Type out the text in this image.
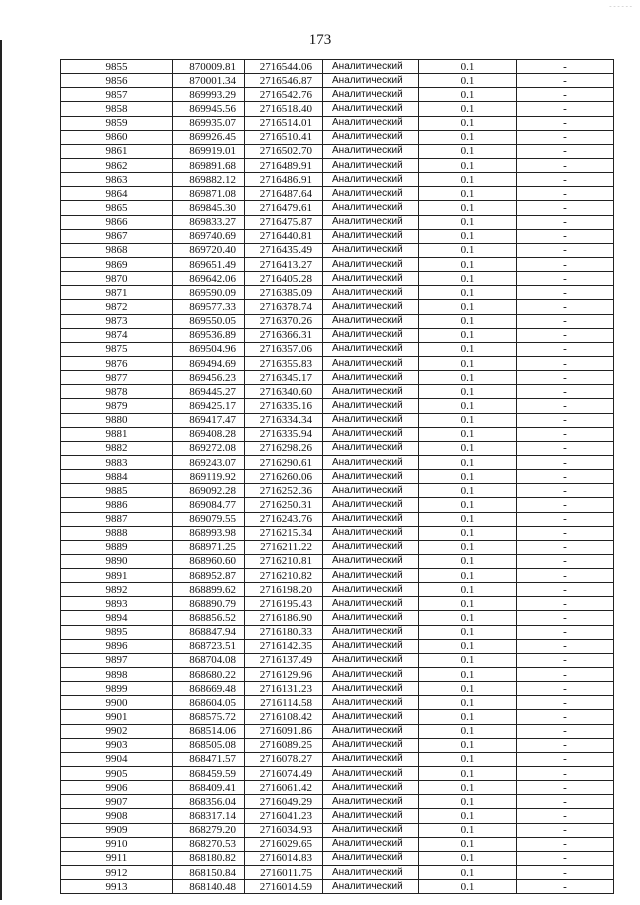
- - - - - -
173
9855	870009.81	2716544.06	Аналитический	0.1	-
9856	870001.34	2716546.87	Аналитический	0.1	-
9857	869993.29	2716542.76	Аналитический	0.1	-
9858	869945.56	2716518.40	Аналитический	0.1	-
9859	869935.07	2716514.01	Аналитический	0.1	-
9860	869926.45	2716510.41	Аналитический	0.1	-
9861	869919.01	2716502.70	Аналитический	0.1	-
9862	869891.68	2716489.91	Аналитический	0.1	-
9863	869882.12	2716486.91	Аналитический	0.1	-
9864	869871.08	2716487.64	Аналитический	0.1	-
9865	869845.30	2716479.61	Аналитический	0.1	-
9866	869833.27	2716475.87	Аналитический	0.1	-
9867	869740.69	2716440.81	Аналитический	0.1	-
9868	869720.40	2716435.49	Аналитический	0.1	-
9869	869651.49	2716413.27	Аналитический	0.1	-
9870	869642.06	2716405.28	Аналитический	0.1	-
9871	869590.09	2716385.09	Аналитический	0.1	-
9872	869577.33	2716378.74	Аналитический	0.1	-
9873	869550.05	2716370.26	Аналитический	0.1	-
9874	869536.89	2716366.31	Аналитический	0.1	-
9875	869504.96	2716357.06	Аналитический	0.1	-
9876	869494.69	2716355.83	Аналитический	0.1	-
9877	869456.23	2716345.17	Аналитический	0.1	-
9878	869445.27	2716340.60	Аналитический	0.1	-
9879	869425.17	2716335.16	Аналитический	0.1	-
9880	869417.47	2716334.34	Аналитический	0.1	-
9881	869408.28	2716335.94	Аналитический	0.1	-
9882	869272.08	2716298.26	Аналитический	0.1	-
9883	869243.07	2716290.61	Аналитический	0.1	-
9884	869119.92	2716260.06	Аналитический	0.1	-
9885	869092.28	2716252.36	Аналитический	0.1	-
9886	869084.77	2716250.31	Аналитический	0.1	-
9887	869079.55	2716243.76	Аналитический	0.1	-
9888	868993.98	2716215.34	Аналитический	0.1	-
9889	868971.25	2716211.22	Аналитический	0.1	-
9890	868960.60	2716210.81	Аналитический	0.1	-
9891	868952.87	2716210.82	Аналитический	0.1	-
9892	868899.62	2716198.20	Аналитический	0.1	-
9893	868890.79	2716195.43	Аналитический	0.1	-
9894	868856.52	2716186.90	Аналитический	0.1	-
9895	868847.94	2716180.33	Аналитический	0.1	-
9896	868723.51	2716142.35	Аналитический	0.1	-
9897	868704.08	2716137.49	Аналитический	0.1	-
9898	868680.22	2716129.96	Аналитический	0.1	-
9899	868669.48	2716131.23	Аналитический	0.1	-
9900	868604.05	2716114.58	Аналитический	0.1	-
9901	868575.72	2716108.42	Аналитический	0.1	-
9902	868514.06	2716091.86	Аналитический	0.1	-
9903	868505.08	2716089.25	Аналитический	0.1	-
9904	868471.57	2716078.27	Аналитический	0.1	-
9905	868459.59	2716074.49	Аналитический	0.1	-
9906	868409.41	2716061.42	Аналитический	0.1	-
9907	868356.04	2716049.29	Аналитический	0.1	-
9908	868317.14	2716041.23	Аналитический	0.1	-
9909	868279.20	2716034.93	Аналитический	0.1	-
9910	868270.53	2716029.65	Аналитический	0.1	-
9911	868180.82	2716014.83	Аналитический	0.1	-
9912	868150.84	2716011.75	Аналитический	0.1	-
9913	868140.48	2716014.59	Аналитический	0.1	-
